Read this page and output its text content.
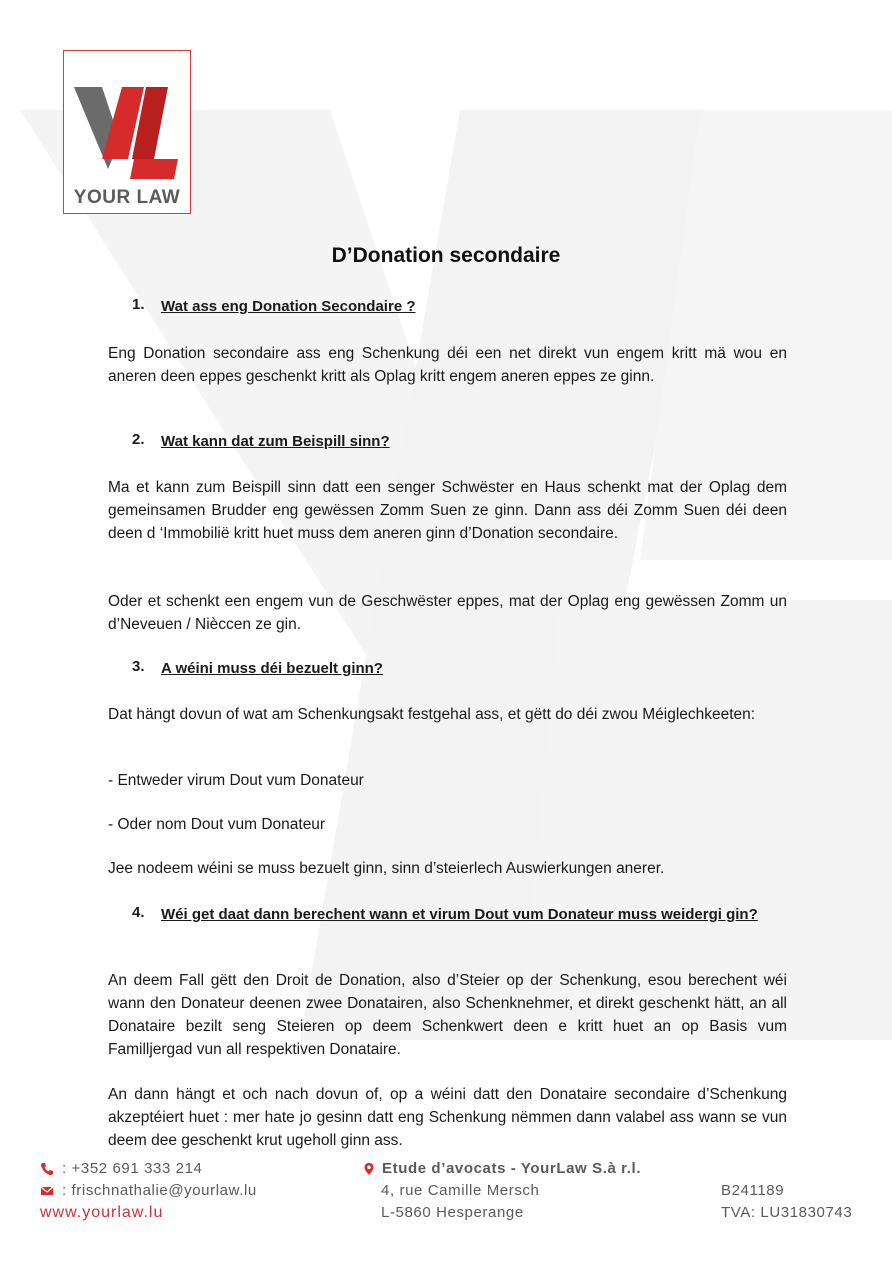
YOUR LAW
D’Donation secondaire
1. Wat ass eng Donation Secondaire ?

Eng Donation secondaire ass eng Schenkung déi een net direkt vun engem kritt mä wou en aneren deen eppes geschenkt kritt als Oplag kritt engem aneren eppes ze ginn.

2. Wat kann dat zum Beispill sinn?

Ma et kann zum Beispill sinn datt een senger Schwëster en Haus schenkt mat der Oplag dem gemeinsamen Brudder eng gewëssen Zomm Suen ze ginn. Dann ass déi Zomm Suen déi deen deen d ‘Immobilië kritt huet muss dem aneren ginn d’Donation secondaire.

Oder et schenkt een engem vun de Geschwëster eppes, mat der Oplag eng gewëssen Zomm un d’Neveuen / Nièccen ze gin.

3. A wéini muss déi bezuelt ginn?

Dat hängt dovun of wat am Schenkungsakt festgehal ass, et gëtt do déi zwou Méiglechkeeten:

- Entweder virum Dout vum Donateur

- Oder nom Dout vum Donateur

Jee nodeem wéini se muss bezuelt ginn, sinn d’steierlech Auswierkungen anerer.

4. Wéi get daat dann berechent wann et virum Dout vum Donateur muss weidergi gin?

An deem Fall gëtt den Droit de Donation, also d’Steier op der Schenkung, esou berechent wéi wann den Donateur deenen zwee Donatairen, also Schenknehmer, et direkt geschenkt hätt, an all Donataire bezilt seng Steieren op deem Schenkwert deen e kritt huet an op Basis vum Familljergad vun all respektiven Donataire.

An dann hängt et och nach dovun of, op a wéini datt den Donataire secondaire d’Schenkung akzeptéiert huet : mer hate jo gesinn datt eng Schenkung nëmmen dann valabel ass wann se vun deem dee geschenkt krut ugeholl ginn ass.

: +352 691 333 214
: frischnathalie@yourlaw.lu
www.yourlaw.lu
Etude d’avocats - YourLaw S.à r.l.
4, rue Camille Mersch
L-5860 Hesperange
B241189
TVA: LU31830743
